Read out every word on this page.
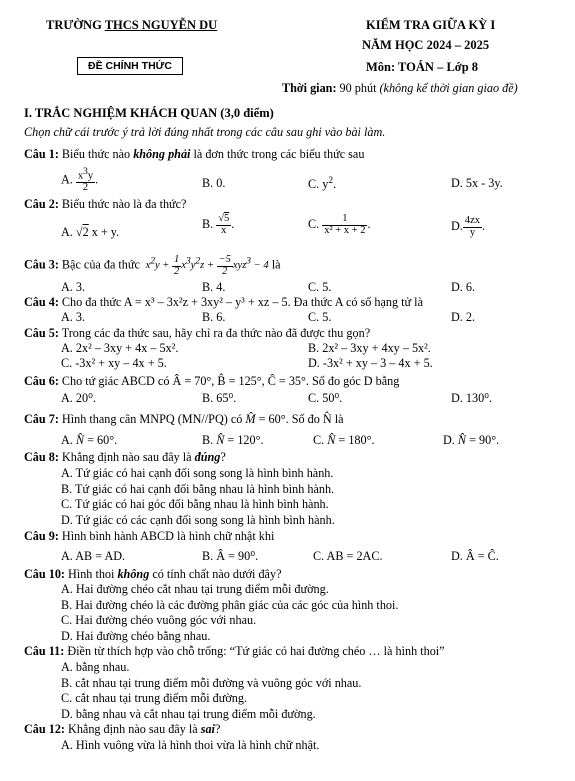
TRƯỜNG THCS NGUYỄN DU
ĐỀ CHÍNH THỨC
KIỂM TRA GIỮA KỲ I
NĂM HỌC 2024 – 2025
Môn: TOÁN – Lớp 8
Thời gian: 90 phút (không kể thời gian giao đề)
I. TRẮC NGHIỆM KHÁCH QUAN (3,0 điểm)
Chọn chữ cái trước ý trả lời đúng nhất trong các câu sau ghi vào bài làm.
Câu 1: Biểu thức nào không phải là đơn thức trong các biểu thức sau
A. $\frac{x^3y}{2}$ .	B. 0.	C. $y^2$.	D. 5x - 3y.
Câu 2: Biểu thức nào là đa thức?
A. √2 x + y.
B. $\frac{√5}{x}$ .	C. $\frac{1}{\text{x² + x + 2}}$ .	D. $\frac{4zx}{y}$ .
Câu 3: Bậc của đa thức  $x^2y + \frac{1}{2} x^3y^2z + \frac{-5}{2} xyz^3 - 4$ là
A. 3.	B. 4.	C. 5.	D. 6.
Câu 4: Cho đa thức A = x³ – 3x²z + 3xy² – y³ + xz – 5. Đa thức A có số hạng tử là
A. 3.	B. 6.	C. 5.	D. 2.
Câu 5: Trong các đa thức sau, hãy chỉ ra đa thức nào đã được thu gọn?
A. 2x² – 3xy + 4x – 5x².	B. 2x² – 3xy + 4xy – 5x².
C. -3x² + xy – 4x + 5.	D. -3x² + xy – 3 – 4x + 5.
Câu 6: Cho tứ giác ABCD có Â = 70°, B̂ = 125°, Ĉ = 35°. Số đo góc D bằng
A. 20⁰.	B. 65⁰.	C. 50⁰.	D. 130⁰.
Câu 7: Hình thang cân MNPQ (MN//PQ) có M̂ = 60°. Số đo N̂ là
A. N̂ = 60°.	B. N̂ = 120°.	C. N̂ = 180°.	D. N̂ = 90°.
Câu 8: Khẳng định nào sau đây là đúng?
A. Tứ giác có hai cạnh đối song song là hình bình hành.
B. Tứ giác có hai cạnh đối bằng nhau là hình bình hành.
C. Tứ giác có hai góc đối bằng nhau là hình bình hành.
D. Tứ giác có các cạnh đối song song là hình bình hành.
Câu 9: Hình bình hành ABCD là hình chữ nhật khi
A. AB = AD.	B. Â = 90⁰.	C. AB = 2AC.	D. Â = Ĉ.
Câu 10: Hình thoi không có tính chất nào dưới đây?
A. Hai đường chéo cắt nhau tại trung điểm mỗi đường.
B. Hai đường chéo là các đường phân giác của các góc của hình thoi.
C. Hai đường chéo vuông góc với nhau.
D. Hai đường chéo bằng nhau.
Câu 11: Điền từ thích hợp vào chỗ trống: “Tứ giác có hai đường chéo … là hình thoi”
A. bằng nhau.
B. cắt nhau tại trung điểm mỗi đường và vuông góc với nhau.
C. cắt nhau tại trung điểm mỗi đường.
D. bằng nhau và cắt nhau tại trung điểm mỗi đường.
Câu 12: Khẳng định nào sau đây là sai?
A. Hình vuông vừa là hình thoi vừa là hình chữ nhật.
